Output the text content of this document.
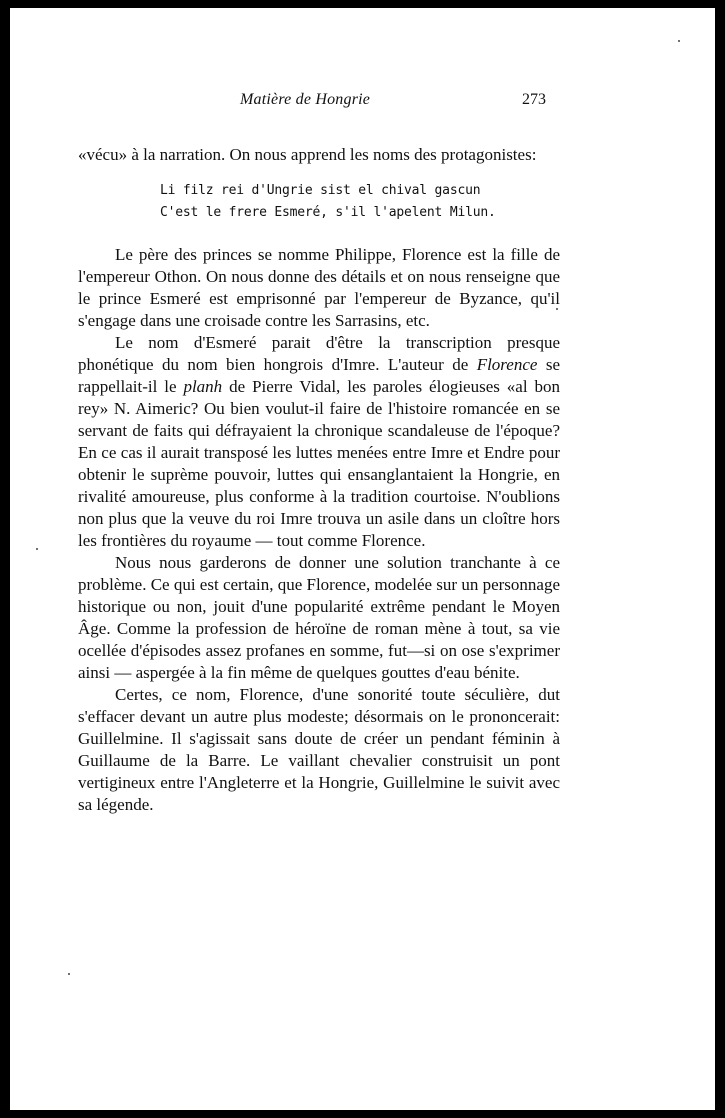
Matière de Hongrie	273

«vécu» à la narration. On nous apprend les noms des protagonistes:

Li filz rei d'Ungrie sist el chival gascun
C'est le frere Esmeré, s'il l'apelent Milun.

Le père des princes se nomme Philippe, Florence est la fille de l'empereur Othon. On nous donne des détails et on nous renseigne que le prince Esmeré est emprisonné par l'empereur de Byzance, qu'il s'engage dans une croisade contre les Sarrasins, etc.

Le nom d'Esmeré parait d'être la transcription presque phonétique du nom bien hongrois d'Imre. L'auteur de Florence se rappellait-il le planh de Pierre Vidal, les paroles élogieuses «al bon rey» N. Aimeric? Ou bien voulut-il faire de l'histoire romancée en se servant de faits qui défrayaient la chronique scandaleuse de l'époque? En ce cas il aurait transposé les luttes menées entre Imre et Endre pour obtenir le suprème pouvoir, luttes qui ensanglantaient la Hongrie, en rivalité amoureuse, plus conforme à la tradition courtoise. N'oublions non plus que la veuve du roi Imre trouva un asile dans un cloître hors les frontières du royaume — tout comme Florence.

Nous nous garderons de donner une solution tranchante à ce problème. Ce qui est certain, que Florence, modelée sur un personnage historique ou non, jouit d'une popularité extrême pendant le Moyen Âge. Comme la profession de héroïne de roman mène à tout, sa vie ocellée d'épisodes assez profanes en somme, fut—si on ose s'exprimer ainsi — aspergée à la fin même de quelques gouttes d'eau bénite.

Certes, ce nom, Florence, d'une sonorité toute séculière, dut s'effacer devant un autre plus modeste; désormais on le prononcerait: Guillelmine. Il s'agissait sans doute de créer un pendant féminin à Guillaume de la Barre. Le vaillant chevalier construisit un pont vertigineux entre l'Angleterre et la Hongrie, Guillelmine le suivit avec sa légende.
